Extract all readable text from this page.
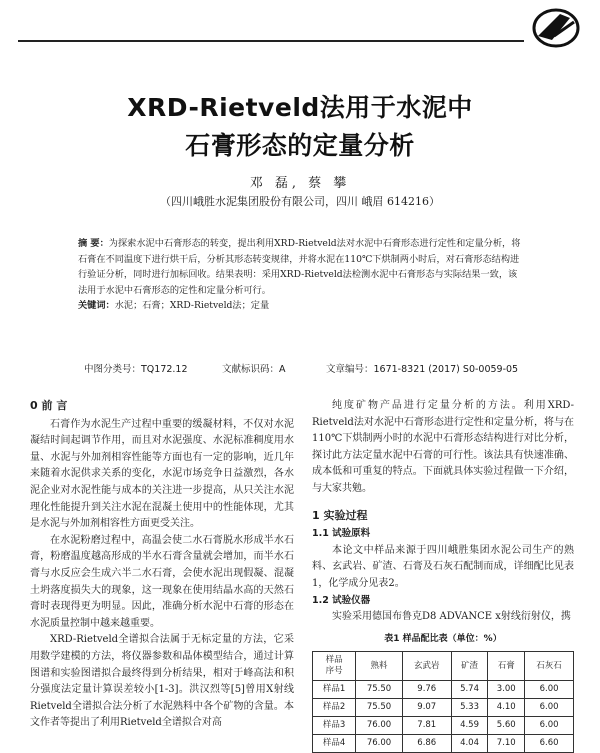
XRD-Rietveld法用于水泥中
石膏形态的定量分析
邓 磊, 蔡 攀
（四川峨胜水泥集团股份有限公司，四川 峨眉 614216）
摘 要：为探索水泥中石膏形态的转变，提出利用XRD-Rietveld法对水泥中石膏形态进行定性和定量分析，将石膏在不同温度下进行烘干后，分析其形态转变规律，并将水泥在110℃下烘制两小时后，对石膏形态结构进行验证分析，同时进行加标回收。结果表明：采用XRD-Rietveld法检测水泥中石膏形态与实际结果一致，该法用于水泥中石膏形态的定性和定量分析可行。
关键词：水泥；石膏；XRD-Rietveld法；定量
中图分类号：TQ172.12	文献标识码：A	文章编号：1671-8321 (2017) S0-0059-05
0 前 言

石膏作为水泥生产过程中重要的缓凝材料，不仅对水泥凝结时间起调节作用，而且对水泥强度、水泥标准稠度用水量、水泥与外加剂相容性能等方面也有一定的影响，近几年来随着水泥供求关系的变化，水泥市场竞争日益激烈，各水泥企业对水泥性能与成本的关注进一步提高，从只关注水泥理化性能提升到关注水泥在混凝土使用中的性能体现，尤其是水泥与外加剂相容性方面更受关注。

在水泥粉磨过程中，高温会使二水石膏脱水形成半水石膏，粉磨温度越高形成的半水石膏含量就会增加，而半水石膏与水反应会生成六半二水石膏，会使水泥出现假凝、混凝土坍落度损失大的现象，这一现象在使用结晶水高的天然石膏时表现得更为明显。因此，准确分析水泥中石膏的形态在水泥质量控制中越来越重要。

XRD-Rietveld全谱拟合法属于无标定量的方法，它采用数学建模的方法，将仪器参数和晶体模型结合，通过计算图谱和实验图谱拟合最终得到分析结果，相对于峰高法和积分强度法定量计算误差较小[1-3]。洪汉烈等[5]曾用X射线Rietveld全谱拟合法分析了水泥熟料中各个矿物的含量。本文作者等提出了利用Rietveld全谱拟合对高

纯度矿物产品进行定量分析的方法。利用XRD-Rietveld法对水泥中石膏形态进行定性和定量分析，将与在110℃下烘制两小时的水泥中石膏形态结构进行对比分析，探讨此方法定量水泥中石膏的可行性。该法具有快速准确、成本低和可重复的特点。下面就具体实验过程做一下介绍，与大家共勉。

1 实验过程
1.1 试验原料

本论文中样品来源于四川峨胜集团水泥公司生产的熟料、玄武岩、矿渣、石膏及石灰石配制而成，详细配比见表1，化学成分见表2。

1.2 试验仪器

实验采用德国布鲁克D8 ADVANCE x射线衍射仪，携

表1 样品配比表（单位：%）
样品
序号	熟料	玄武岩	矿渣	石膏	石灰石
样品1	75.50	9.76	5.74	3.00	6.00
样品2	75.50	9.07	5.33	4.10	6.00
样品3	76.00	7.81	4.59	5.60	6.00
样品4	76.00	6.86	4.04	7.10	6.60
